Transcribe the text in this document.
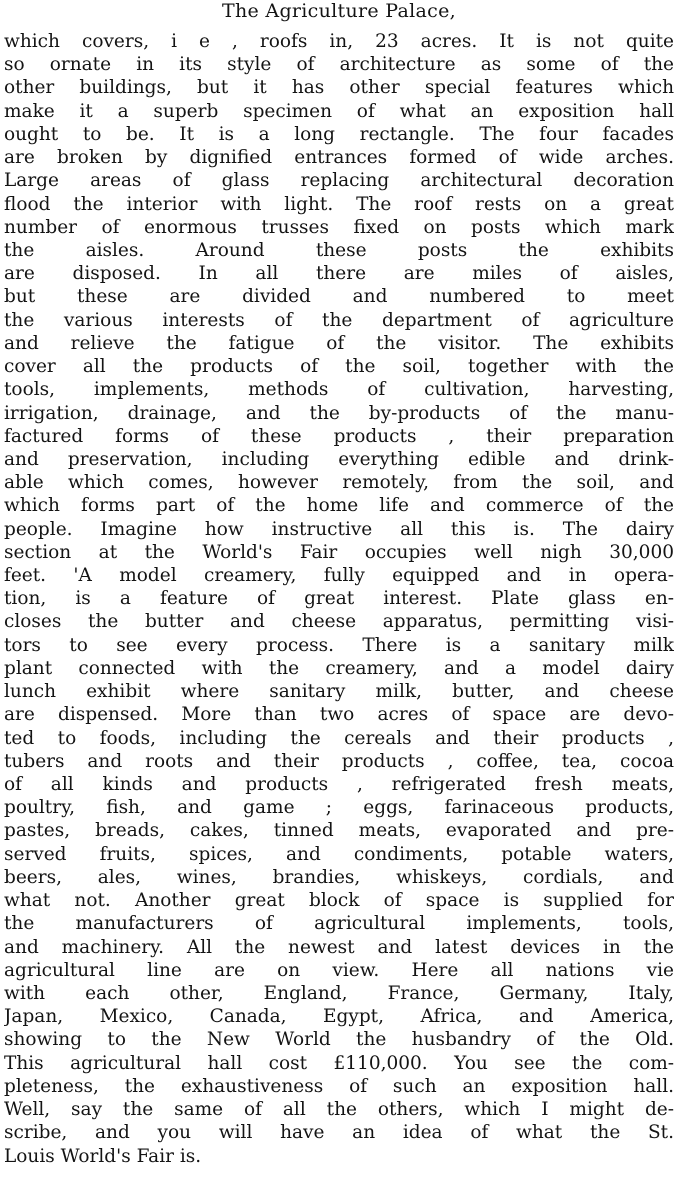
The Agriculture Palace,

which covers, i e , roofs in, 23 acres. It is not quite
so ornate in its style of architecture as some of the
other buildings, but it has other special features which
make it a superb specimen of what an exposition hall
ought to be. It is a long rectangle. The four facades
are broken by dignified entrances formed of wide arches.
Large areas of glass replacing architectural decoration
flood the interior with light. The roof rests on a great
number of enormous trusses fixed on posts which mark
the aisles. Around these posts the exhibits
are disposed. In all there are miles of aisles,
but these are divided and numbered to meet
the various interests of the department of agriculture
and relieve the fatigue of the visitor. The exhibits
cover all the products of the soil, together with the
tools, implements, methods of cultivation, harvesting,
irrigation, drainage, and the by-products of the manu-
factured forms of these products , their preparation
and preservation, including everything edible and drink-
able which comes, however remotely, from the soil, and
which forms part of the home life and commerce of the
people. Imagine how instructive all this is. The dairy
section at the World's Fair occupies well nigh 30,000
feet. 'A model creamery, fully equipped and in opera-
tion, is a feature of great interest. Plate glass en-
closes the butter and cheese apparatus, permitting visi-
tors to see every process. There is a sanitary milk
plant connected with the creamery, and a model dairy
lunch exhibit where sanitary milk, butter, and cheese
are dispensed. More than two acres of space are devo-
ted to foods, including the cereals and their products ,
tubers and roots and their products , coffee, tea, cocoa
of all kinds and products , refrigerated fresh meats,
poultry, fish, and game ; eggs, farinaceous products,
pastes, breads, cakes, tinned meats, evaporated and pre-
served fruits, spices, and condiments, potable waters,
beers, ales, wines, brandies, whiskeys, cordials, and
what not. Another great block of space is supplied for
the manufacturers of agricultural implements, tools,
and machinery. All the newest and latest devices in the
agricultural line are on view. Here all nations vie
with each other, England, France, Germany, Italy,
Japan, Mexico, Canada, Egypt, Africa, and America,
showing to the New World the husbandry of the Old.
This agricultural hall cost £110,000. You see the com-
pleteness, the exhaustiveness of such an exposition hall.
Well, say the same of all the others, which I might de-
scribe, and you will have an idea of what the St.
Louis World's Fair is.
